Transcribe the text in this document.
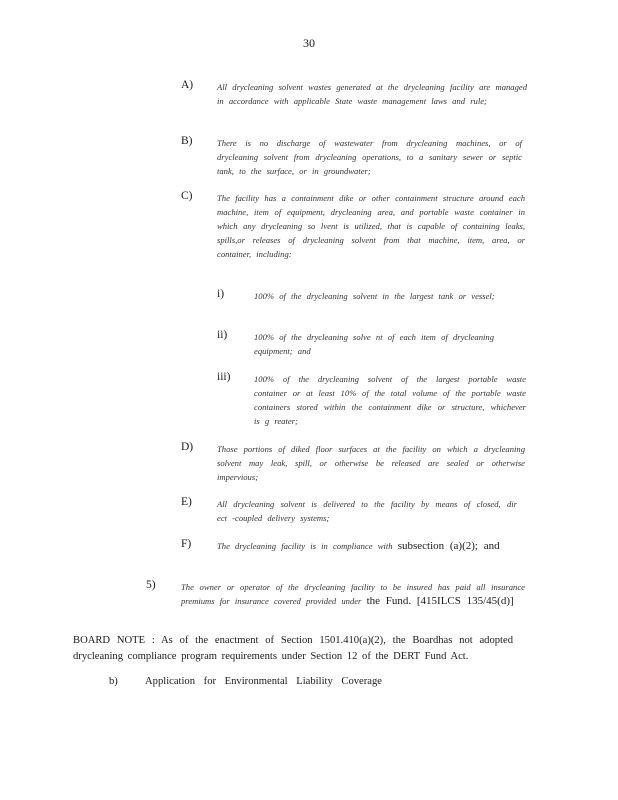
30
A)	All drycleaning solvent wastes generated at the drycleaning facility are managed in accordance with applicable State waste management laws and rule;
B)	There is no discharge of wastewater from drycleaning machines, or of drycleaning solvent from drycleaning operations, to a sanitary sewer or septic tank, to the surface, or in groundwater;
C)	The facility has a containment dike or other containment structure around each machine, item of equipment, drycleaning area, and portable waste container in which any drycleaning so lvent is utilized, that is capable of containing leaks, spills,or releases of drycleaning solvent from that machine, item, area, or container, including:
i)	100% of the drycleaning solvent in the largest tank or vessel;
ii)	100% of the drycleaning solve nt of each item of drycleaning equipment; and
iii)	100% of the drycleaning solvent of the largest portable waste container or at least 10% of the total volume of the portable waste containers stored within the containment dike or structure, whichever is g reater;
D)	Those portions of diked floor surfaces at the facility on which a drycleaning solvent may leak, spill, or otherwise be released are sealed or otherwise impervious;
E)	All drycleaning solvent is delivered to the facility by means of closed, dir ect -coupled delivery systems;
F)	The drycleaning facility is in compliance with subsection (a)(2); and
5)	The owner or operator of the drycleaning facility to be insured has paid all insurance premiums for insurance covered provided under the Fund. [415ILCS 135/45(d)]
BOARD NOTE : As of the enactment of Section 1501.410(a)(2), the Boardhas not adopted drycleaning compliance program requirements under Section 12 of the DERT Fund Act.
b)	Application for Environmental Liability Coverage
